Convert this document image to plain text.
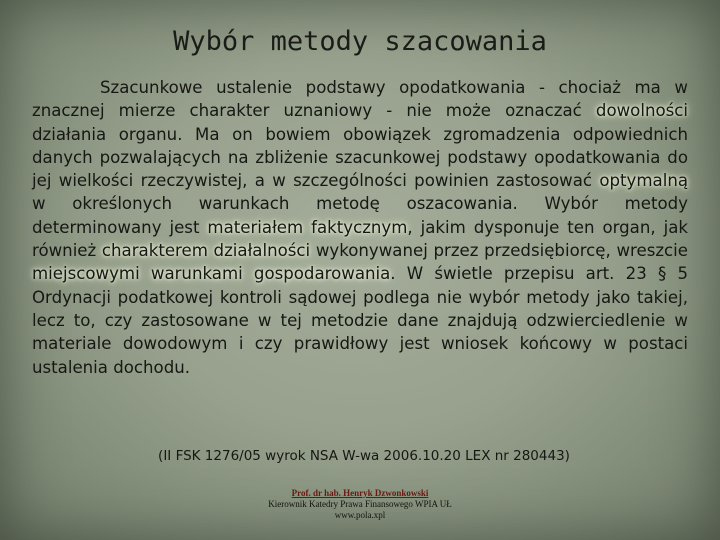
Wybór metody szacowania

Szacunkowe ustalenie podstawy opodatkowania - chociaż ma w znacznej mierze charakter uznaniowy - nie może oznaczać dowolności działania organu. Ma on bowiem obowiązek zgromadzenia odpowiednich danych pozwalających na zbliżenie szacunkowej podstawy opodatkowania do jej wielkości rzeczywistej, a w szczególności powinien zastosować optymalną w określonych warunkach metodę oszacowania. Wybór metody determinowany jest materiałem faktycznym, jakim dysponuje ten organ, jak również charakterem działalności wykonywanej przez przedsiębiorcę, wreszcie miejscowymi warunkami gospodarowania. W świetle przepisu art. 23 § 5 Ordynacji podatkowej kontroli sądowej podlega nie wybór metody jako takiej, lecz to, czy zastosowane w tej metodzie dane znajdują odzwierciedlenie w materiale dowodowym i czy prawidłowy jest wniosek końcowy w postaci ustalenia dochodu.

(II FSK 1276/05 wyrok NSA W-wa 2006.10.20 LEX nr 280443)
Prof. dr hab. Henryk Dzwonkowski
Kierownik Katedry Prawa Finansowego WPIA UŁ
www.pola.xpl
